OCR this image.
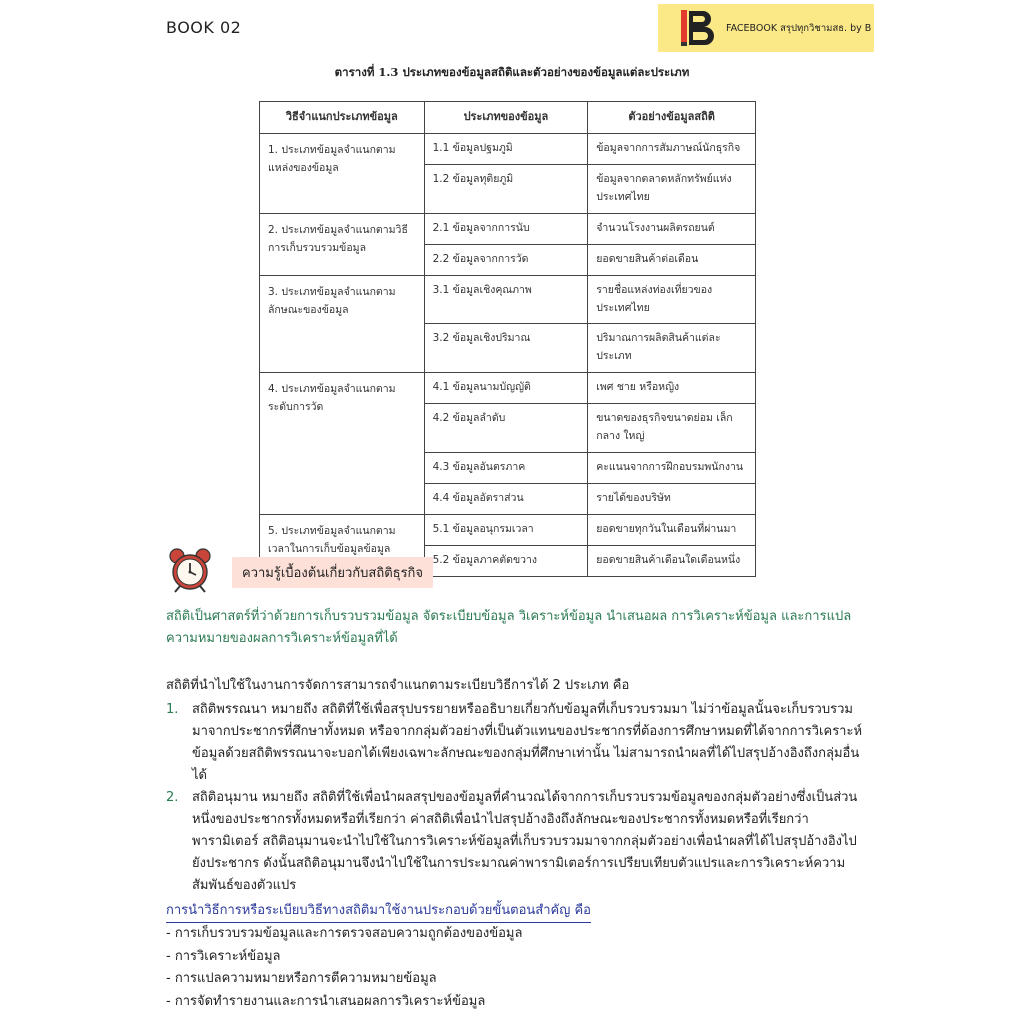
BOOK 02	FACEBOOK สรุปทุกวิชามสธ. by B
ตารางที่ 1.3 ประเภทของข้อมูลสถิติและตัวอย่างของข้อมูลแต่ละประเภท
วิธีจำแนกประเภทข้อมูล	ประเภทของข้อมูล	ตัวอย่างข้อมูลสถิติ
1. ประเภทข้อมูลจำแนกตามแหล่งของข้อมูล	1.1 ข้อมูลปฐมภูมิ	ข้อมูลจากการสัมภาษณ์นักธุรกิจ
	1.2 ข้อมูลทุติยภูมิ	ข้อมูลจากตลาดหลักทรัพย์แห่งประเทศไทย
2. ประเภทข้อมูลจำแนกตามวิธีการเก็บรวบรวมข้อมูล	2.1 ข้อมูลจากการนับ	จำนวนโรงงานผลิตรถยนต์
	2.2 ข้อมูลจากการวัด	ยอดขายสินค้าต่อเดือน
3. ประเภทข้อมูลจำแนกตามลักษณะของข้อมูล	3.1 ข้อมูลเชิงคุณภาพ	รายชื่อแหล่งท่องเที่ยวของประเทศไทย
	3.2 ข้อมูลเชิงปริมาณ	ปริมาณการผลิตสินค้าแต่ละประเภท
4. ประเภทข้อมูลจำแนกตามระดับการวัด	4.1 ข้อมูลนามบัญญัติ	เพศ ชาย หรือหญิง
	4.2 ข้อมูลลำดับ	ขนาดของธุรกิจขนาดย่อม เล็ก กลาง ใหญ่
	4.3 ข้อมูลอันตรภาค	คะแนนจากการฝึกอบรมพนักงาน
	4.4 ข้อมูลอัตราส่วน	รายได้ของบริษัท
5. ประเภทข้อมูลจำแนกตามเวลาในการเก็บข้อมูลข้อมูล	5.1 ข้อมูลอนุกรมเวลา	ยอดขายทุกวันในเดือนที่ผ่านมา
	5.2 ข้อมูลภาคตัดขวาง	ยอดขายสินค้าเดือนใดเดือนหนึ่ง
ความรู้เบื้องต้นเกี่ยวกับสถิติธุรกิจ

สถิติเป็นศาสตร์ที่ว่าด้วยการเก็บรวบรวมข้อมูล จัดระเบียบข้อมูล วิเคราะห์ข้อมูล นำเสนอผล การวิเคราะห์ข้อมูล และการแปลความหมายของผลการวิเคราะห์ข้อมูลที่ได้

สถิติที่นำไปใช้ในงานการจัดการสามารถจำแนกตามระเบียบวิธีการได้ 2 ประเภท คือ

1.	สถิติพรรณนา หมายถึง สถิติที่ใช้เพื่อสรุปบรรยายหรืออธิบายเกี่ยวกับข้อมูลที่เก็บรวบรวมมา ไม่ว่าข้อมูลนั้นจะเก็บรวบรวมมาจากประชากรที่ศึกษาทั้งหมด หรือจากกลุ่มตัวอย่างที่เป็นตัวแทนของประชากรที่ต้องการศึกษาหมดที่ได้จากการวิเคราะห์ข้อมูลด้วยสถิติพรรณนาจะบอกได้เพียงเฉพาะลักษณะของกลุ่มที่ศึกษาเท่านั้น ไม่สามารถนำผลที่ได้ไปสรุปอ้างอิงถึงกลุ่มอื่นได้
2.	สถิติอนุมาน หมายถึง สถิติที่ใช้เพื่อนำผลสรุปของข้อมูลที่คำนวณได้จากการเก็บรวบรวมข้อมูลของกลุ่มตัวอย่างซึ่งเป็นส่วนหนึ่งของประชากรทั้งหมดหรือที่เรียกว่า ค่าสถิติเพื่อนำไปสรุปอ้างอิงถึงลักษณะของประชากรทั้งหมดหรือที่เรียกว่า พารามิเตอร์ สถิติอนุมานจะนำไปใช้ในการวิเคราะห์ข้อมูลที่เก็บรวบรวมมาจากกลุ่มตัวอย่างเพื่อนำผลที่ได้ไปสรุปอ้างอิงไปยังประชากร ดังนั้นสถิติอนุมานจึงนำไปใช้ในการประมาณค่าพารามิเตอร์การเปรียบเทียบตัวแปรและการวิเคราะห์ความสัมพันธ์ของตัวแปร
การนำวิธีการหรือระเบียบวิธีทางสถิติมาใช้งานประกอบด้วยขั้นตอนสำคัญ คือ
- การเก็บรวบรวมข้อมูลและการตรวจสอบความถูกต้องของข้อมูล
- การวิเคราะห์ข้อมูล
- การแปลความหมายหรือการตีความหมายข้อมูล
- การจัดทำรายงานและการนำเสนอผลการวิเคราะห์ข้อมูล
